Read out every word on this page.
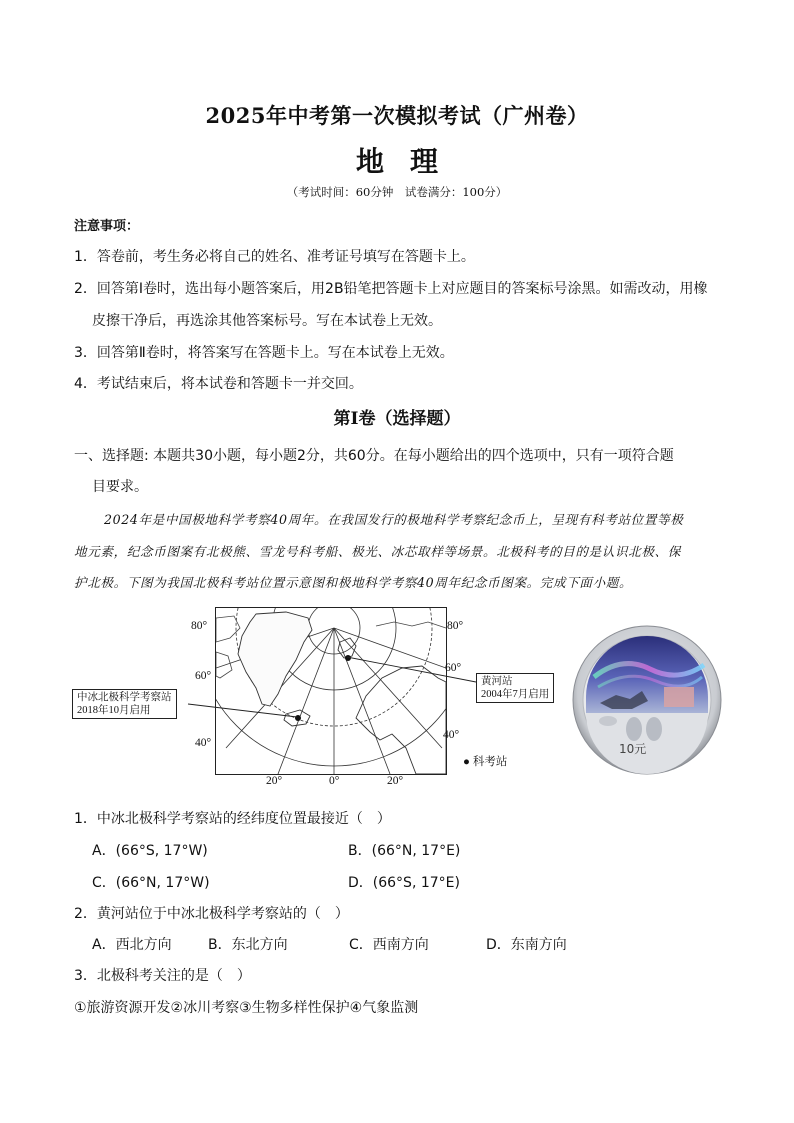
2025年中考第一次模拟考试（广州卷）
地理
（考试时间：60分钟　试卷满分：100分）
注意事项：
1．答卷前，考生务必将自己的姓名、准考证号填写在答题卡上。
2．回答第Ⅰ卷时，选出每小题答案后，用2B铅笔把答题卡上对应题目的答案标号涂黑。如需改动，用橡
皮擦干净后，再选涂其他答案标号。写在本试卷上无效。
3．回答第Ⅱ卷时，将答案写在答题卡上。写在本试卷上无效。
4．考试结束后，将本试卷和答题卡一并交回。
第Ⅰ卷（选择题）
一、选择题: 本题共30小题，每小题2分，共60分。在每小题给出的四个选项中，只有一项符合题
目要求。
2024年是中国极地科学考察40周年。在我国发行的极地科学考察纪念币上，呈现有科考站位置等极
地元素，纪念币图案有北极熊、雪龙号科考船、极光、冰芯取样等场景。北极科考的目的是认识北极、保
护北极。下图为我国北极科考站位置示意图和极地科学考察40周年纪念币图案。完成下面小题。
80°
60°
40°
80°
60°
40°
20°	0°	20°
中冰北极科学考察站
2018年10月启用
黄河站
2004年7月启用
● 科考站
10元
1．中冰北极科学考察站的经纬度位置最接近（　）
A．(66°S, 17°W)	B．(66°N, 17°E)
C．(66°N, 17°W)	D．(66°S, 17°E)
2．黄河站位于中冰北极科学考察站的（　）
A．西北方向	B．东北方向	C．西南方向	D．东南方向
3．北极科考关注的是（　）
①旅游资源开发②冰川考察③生物多样性保护④气象监测
